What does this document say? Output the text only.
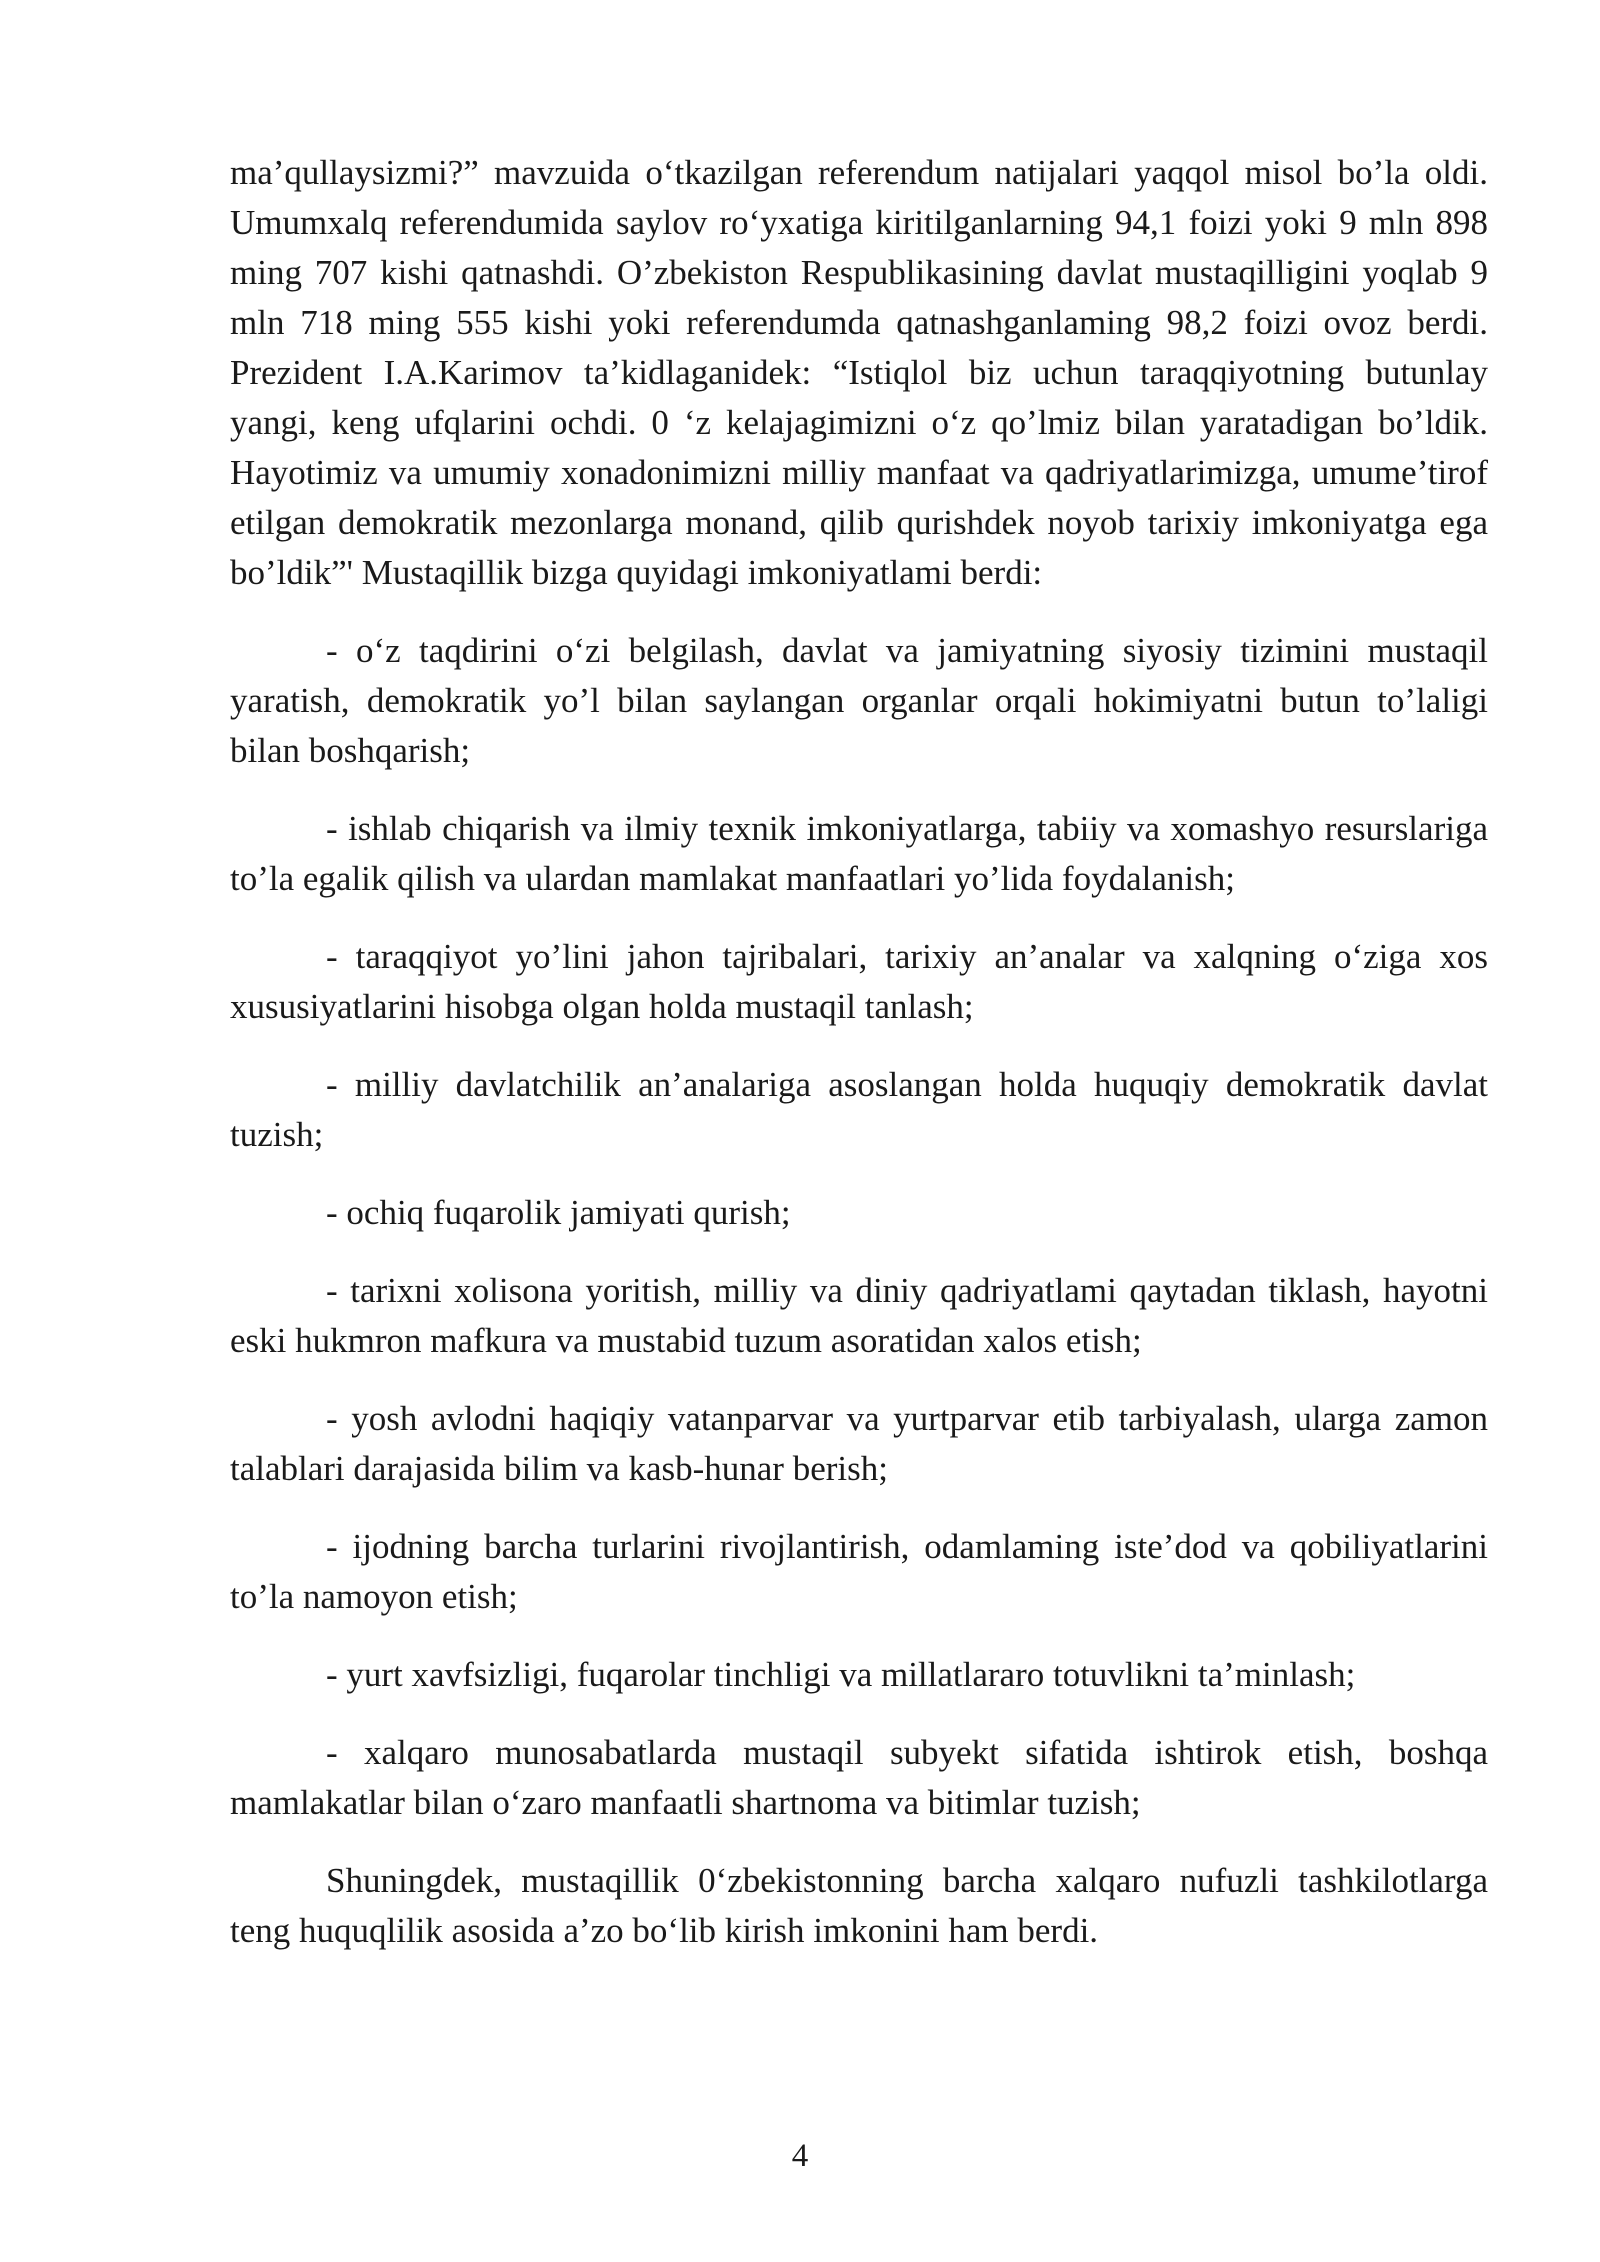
ma’qullaysizmi?” mavzuida o‘tkazilgan referendum natijalari yaqqol misol bo’la oldi. Umumxalq referendumida saylov ro‘yxatiga kiritilganlarning 94,1 foizi yoki 9 mln 898 ming 707 kishi qatnashdi. O’zbekiston Respublikasining davlat mustaqilligini yoqlab 9 mln 718 ming 555 kishi yoki referendumda qatnashganlaming 98,2 foizi ovoz berdi. Prezident I.A.Karimov ta’kidlaganidek: “Istiqlol biz uchun taraqqiyotning butunlay yangi, keng ufqlarini ochdi. 0 ‘z kelajagimizni o‘z qo’lmiz bilan yaratadigan bo’ldik. Hayotimiz va umumiy xonadonimizni milliy manfaat va qadriyatlarimizga, umume’tirof etilgan demokratik mezonlarga monand, qilib qurishdek noyob tarixiy imkoniyatga ega bo’ldik”' Mustaqillik bizga quyidagi imkoniyatlami berdi:

- o‘z taqdirini o‘zi belgilash, davlat va jamiyatning siyosiy tizimini mustaqil yaratish, demokratik yo’l bilan saylangan organlar orqali hokimiyatni butun to’laligi bilan boshqarish;

- ishlab chiqarish va ilmiy texnik imkoniyatlarga, tabiiy va xomashyo resurslariga to’la egalik qilish va ulardan mamlakat manfaatlari yo’lida foydalanish;

- taraqqiyot yo’lini jahon tajribalari, tarixiy an’analar va xalqning o‘ziga xos xususiyatlarini hisobga olgan holda mustaqil tanlash;

- milliy davlatchilik an’analariga asoslangan holda huquqiy demokratik davlat tuzish;

- ochiq fuqarolik jamiyati qurish;

- tarixni xolisona yoritish, milliy va diniy qadriyatlami qaytadan tiklash, hayotni eski hukmron mafkura va mustabid tuzum asoratidan xalos etish;

- yosh avlodni haqiqiy vatanparvar va yurtparvar etib tarbiyalash, ularga zamon talablari darajasida bilim va kasb-hunar berish;

- ijodning barcha turlarini rivojlantirish, odamlaming iste’dod va qobiliyatlarini to’la namoyon etish;

- yurt xavfsizligi, fuqarolar tinchligi va millatlararo totuvlikni ta’minlash;

- xalqaro munosabatlarda mustaqil subyekt sifatida ishtirok etish, boshqa mamlakatlar bilan o‘zaro manfaatli shartnoma va bitimlar tuzish;

Shuningdek, mustaqillik 0‘zbekistonning barcha xalqaro nufuzli tashkilotlarga teng huquqlilik asosida a’zo bo‘lib kirish imkonini ham berdi.

4
